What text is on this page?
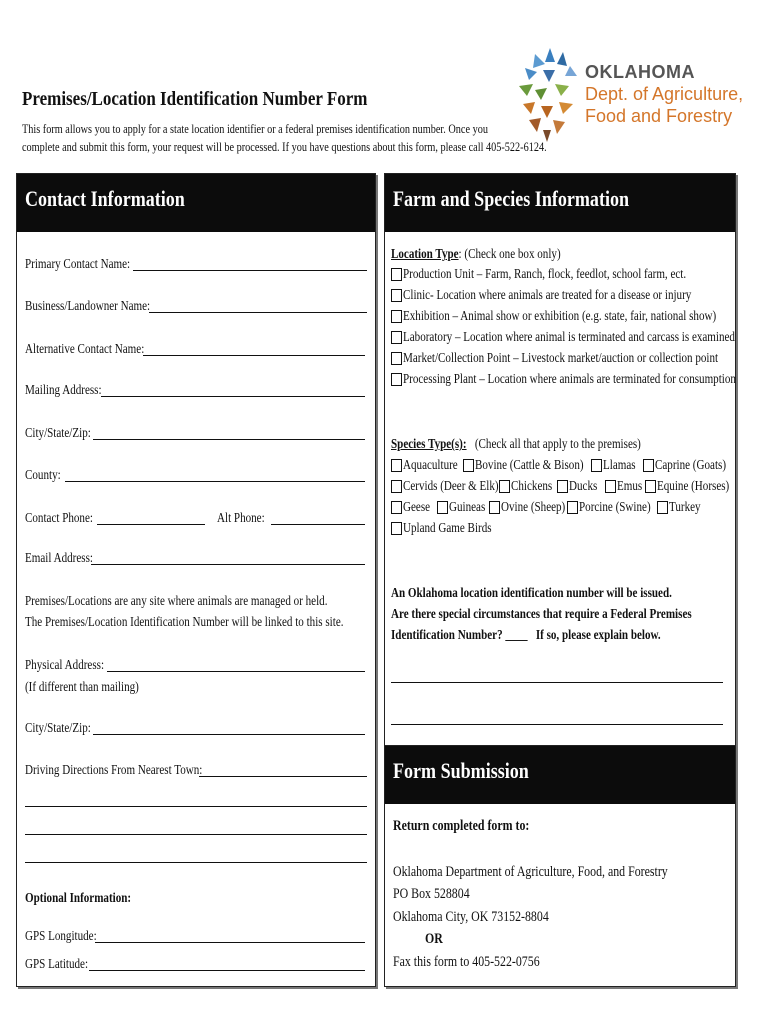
Premises/Location Identification Number Form
This form allows you to apply for a state location identifier or a federal premises identification number. Once you
complete and submit this form, your request will be processed. If you have questions about this form, please call 405-522-6124.
OKLAHOMA
Dept. of Agriculture,
Food and Forestry
Contact Information
Primary Contact Name:
Business/Landowner Name:
Alternative Contact Name:
Mailing Address:
City/State/Zip:
County:
Contact Phone:	Alt Phone:
Email Address:
Premises/Locations are any site where animals are managed or held.
The Premises/Location Identification Number will be linked to this site.
Physical Address:
(If different than mailing)
City/State/Zip:
Driving Directions From Nearest Town:
Optional Information:
GPS Longitude:
GPS Latitude:
Farm and Species Information
Location Type: (Check one box only)
Production Unit – Farm, Ranch, flock, feedlot, school farm, ect.
Clinic- Location where animals are treated for a disease or injury
Exhibition – Animal show or exhibition (e.g. state, fair, national show)
Laboratory – Location where animal is terminated and carcass is examined
Market/Collection Point – Livestock market/auction or collection point
Processing Plant – Location where animals are terminated for consumption
Species Type(s): (Check all that apply to the premises)
Aquaculture Bovine (Cattle & Bison) Llamas Caprine (Goats)
Cervids (Deer & Elk) Chickens Ducks Emus Equine (Horses)
Geese Guineas Ovine (Sheep) Porcine (Swine) Turkey
Upland Game Birds
An Oklahoma location identification number will be issued.
Are there special circumstances that require a Federal Premises
Identification Number? ____ If so, please explain below.
Form Submission
Return completed form to:
Oklahoma Department of Agriculture, Food, and Forestry
PO Box 528804
Oklahoma City, OK 73152-8804
OR
Fax this form to 405-522-0756
